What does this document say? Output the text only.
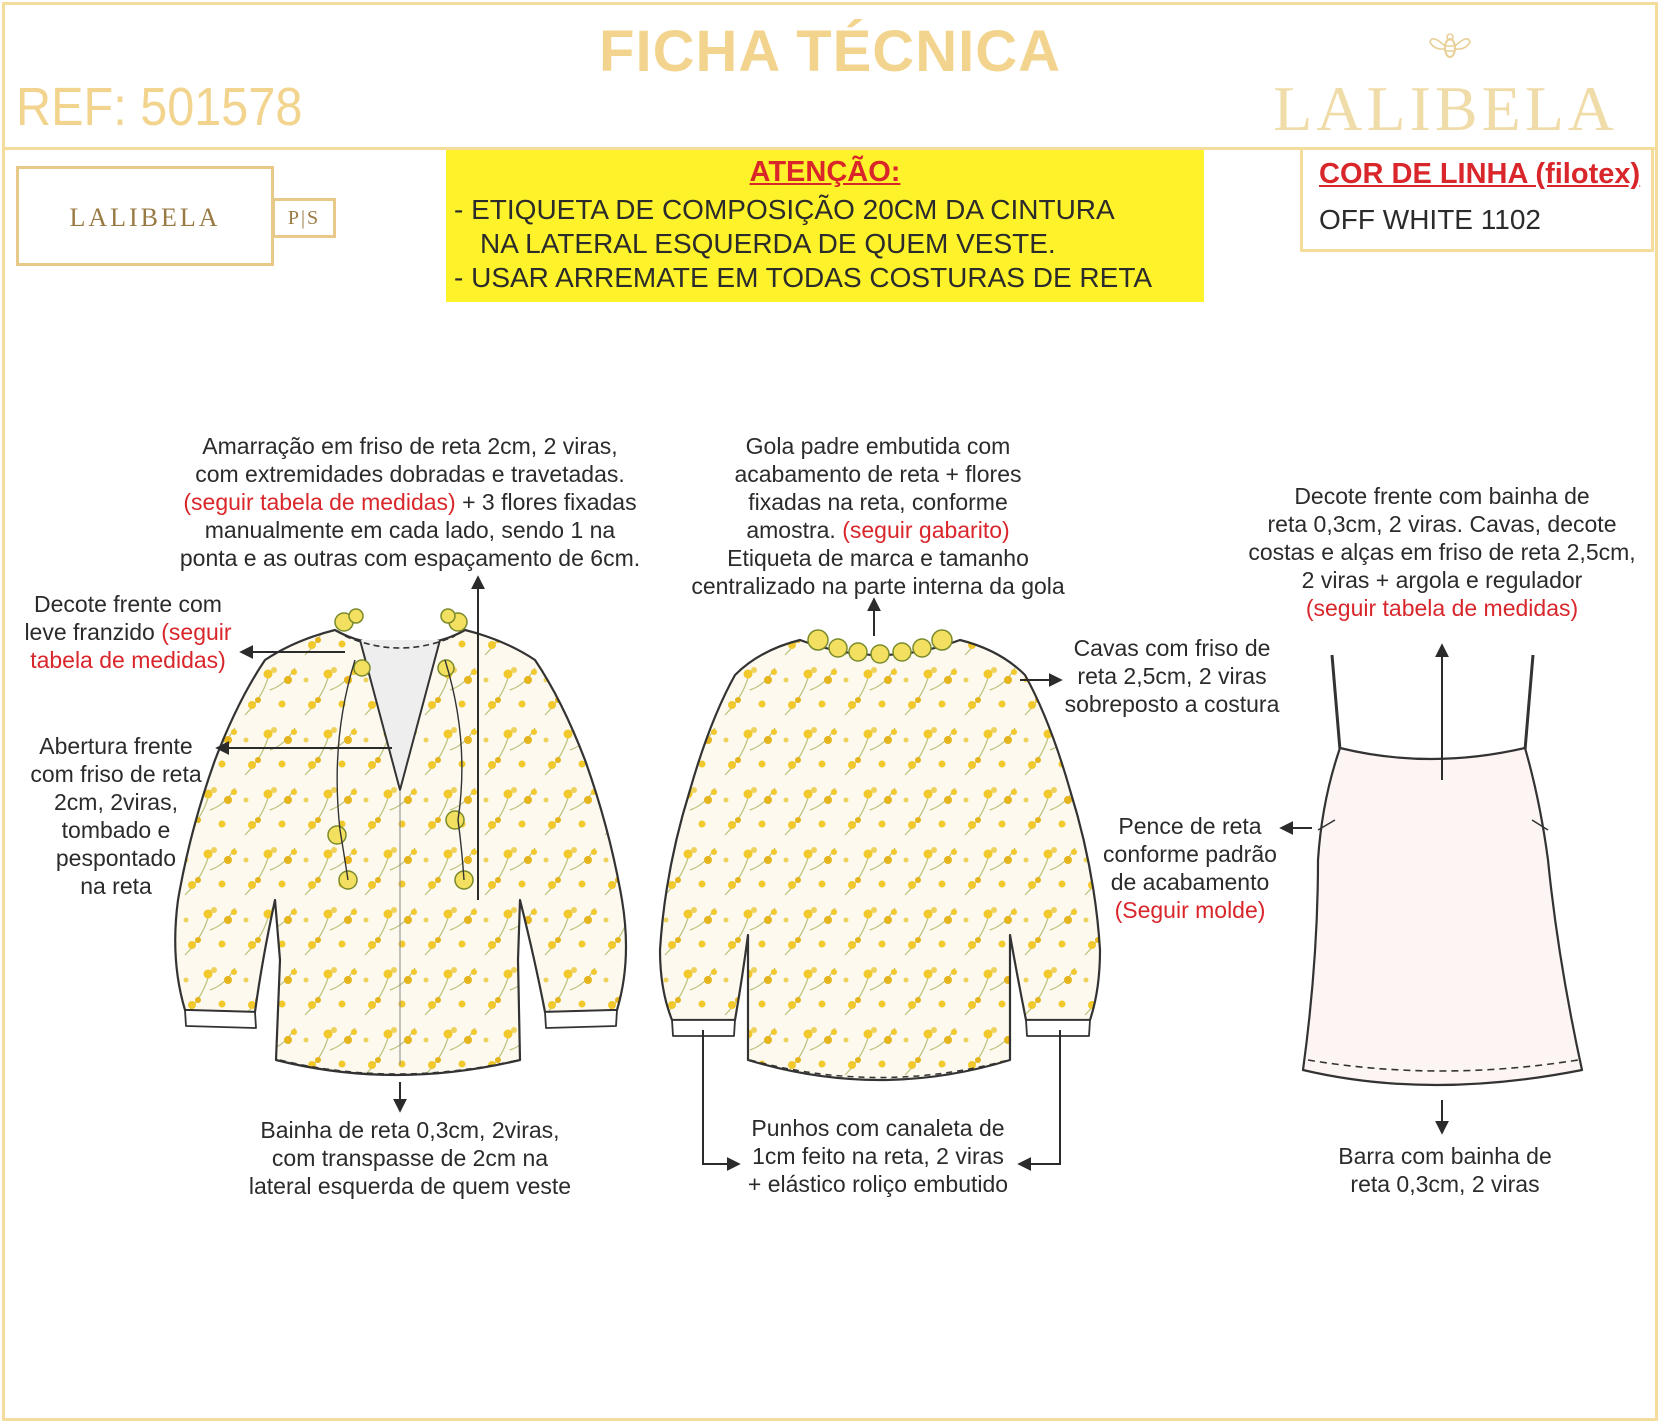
FICHA TÉCNICA
REF: 501578	LALIBELA
LALIBELA	P|S
ATENÇÃO:
- ETIQUETA DE COMPOSIÇÃO 20CM DA CINTURA
NA LATERAL ESQUERDA DE QUEM VESTE.
- USAR ARREMATE EM TODAS COSTURAS DE RETA
COR DE LINHA (filotex)
OFF WHITE 1102
Amarração em friso de reta 2cm, 2 viras,
com extremidades dobradas e travetadas.
(seguir tabela de medidas) + 3 flores fixadas
manualmente em cada lado, sendo 1 na
ponta e as outras com espaçamento de 6cm.
Decote frente com
leve franzido (seguir
tabela de medidas)
Abertura frente
com friso de reta
2cm, 2viras,
tombado e
pespontado
na reta
Bainha de reta 0,3cm, 2viras,
com transpasse de 2cm na
lateral esquerda de quem veste
Gola padre embutida com
acabamento de reta + flores
fixadas na reta, conforme
amostra. (seguir gabarito)
Etiqueta de marca e tamanho
centralizado na parte interna da gola
Cavas com friso de
reta 2,5cm, 2 viras
sobreposto a costura
Punhos com canaleta de
1cm feito na reta, 2 viras
+ elástico roliço embutido
Decote frente com bainha de
reta 0,3cm, 2 viras. Cavas, decote
costas e alças em friso de reta 2,5cm,
2 viras + argola e regulador
(seguir tabela de medidas)
Pence de reta
conforme padrão
de acabamento
(Seguir molde)
Barra com bainha de
reta 0,3cm, 2 viras
